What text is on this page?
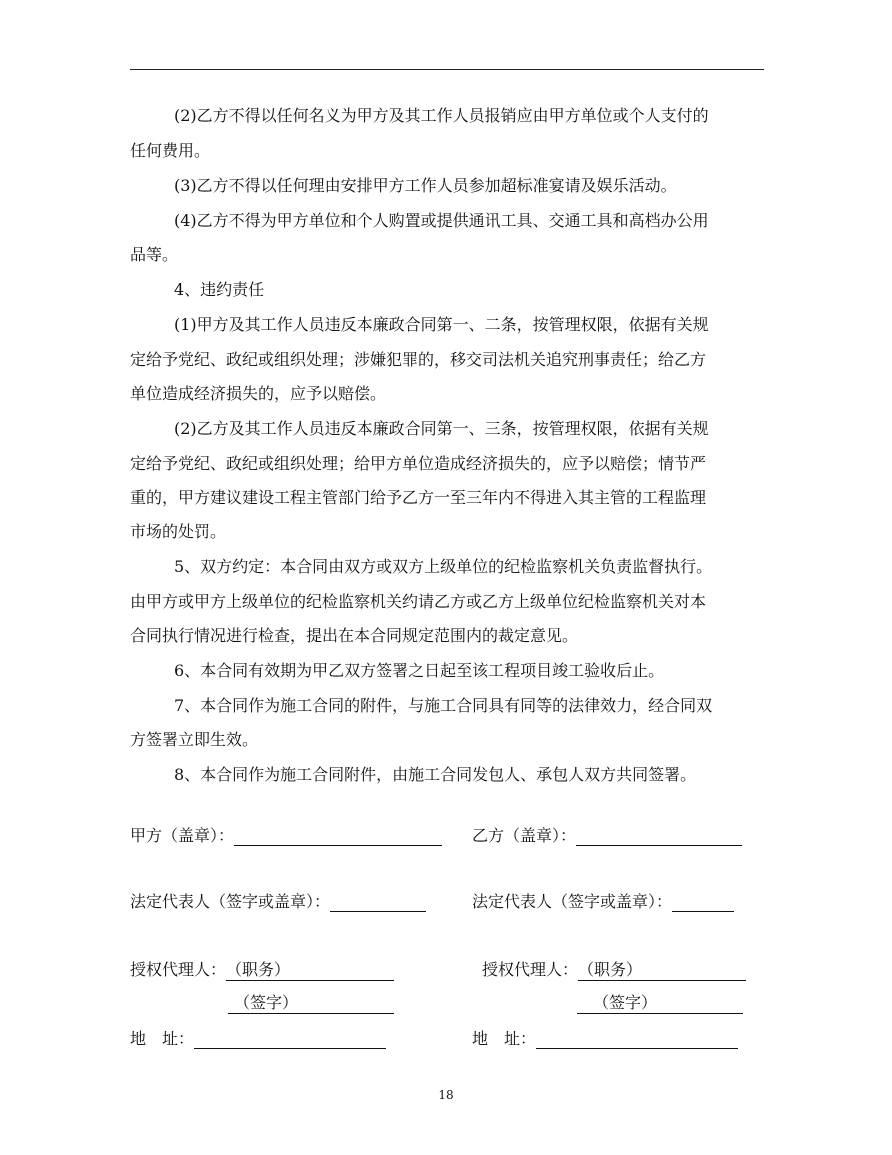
(2)乙方不得以任何名义为甲方及其工作人员报销应由甲方单位或个人支付的
任何费用。
(3)乙方不得以任何理由安排甲方工作人员参加超标准宴请及娱乐活动。
(4)乙方不得为甲方单位和个人购置或提供通讯工具、交通工具和高档办公用
品等。
4、违约责任
(1)甲方及其工作人员违反本廉政合同第一、二条，按管理权限，依据有关规
定给予党纪、政纪或组织处理；涉嫌犯罪的，移交司法机关追究刑事责任；给乙方
单位造成经济损失的，应予以赔偿。
(2)乙方及其工作人员违反本廉政合同第一、三条，按管理权限，依据有关规
定给予党纪、政纪或组织处理；给甲方单位造成经济损失的，应予以赔偿；情节严
重的，甲方建议建设工程主管部门给予乙方一至三年内不得进入其主管的工程监理
市场的处罚。
5、双方约定：本合同由双方或双方上级单位的纪检监察机关负责监督执行。
由甲方或甲方上级单位的纪检监察机关约请乙方或乙方上级单位纪检监察机关对本
合同执行情况进行检查，提出在本合同规定范围内的裁定意见。
6、本合同有效期为甲乙双方签署之日起至该工程项目竣工验收后止。
7、本合同作为施工合同的附件，与施工合同具有同等的法律效力，经合同双
方签署立即生效。
8、本合同作为施工合同附件，由施工合同发包人、承包人双方共同签署。
甲方（盖章）：	乙方（盖章）：
法定代表人（签字或盖章）：	法定代表人（签字或盖章）：
授权代理人：（职务）	授权代理人：（职务）
（签字）	（签字）
地　址：	地　址：
18
